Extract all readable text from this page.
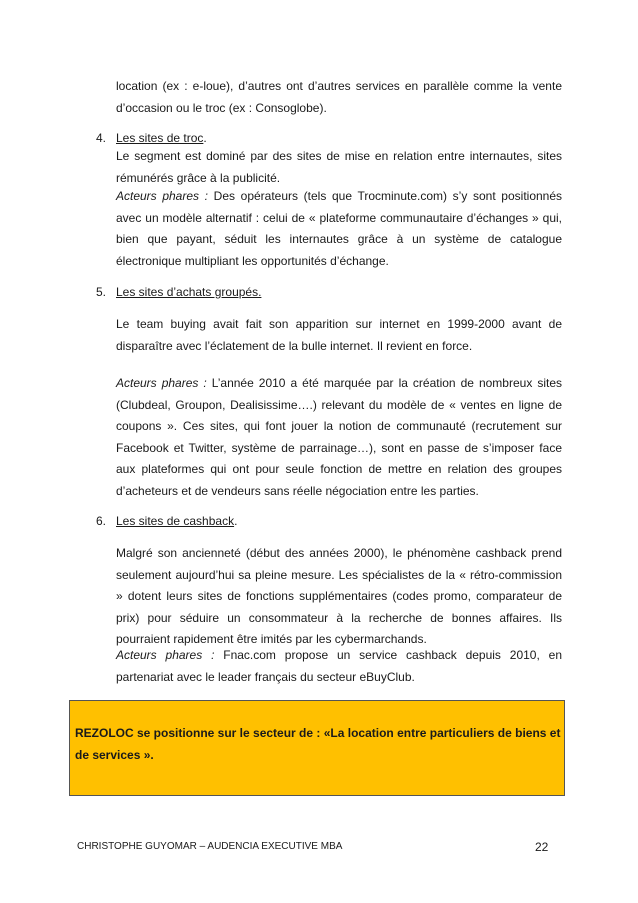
location (ex : e-loue), d’autres ont d’autres services en parallèle comme la vente d’occasion ou le troc (ex : Consoglobe).

4. Les sites de troc.

Le segment est dominé par des sites de mise en relation entre internautes, sites rémunérés grâce à la publicité.

Acteurs phares : Des opérateurs (tels que Trocminute.com) s’y sont positionnés avec un modèle alternatif : celui de « plateforme communautaire d’échanges » qui, bien que payant, séduit les internautes grâce à un système de catalogue électronique multipliant les opportunités d’échange.

5. Les sites d’achats groupés.

Le team buying avait fait son apparition sur internet en 1999-2000 avant de disparaître avec l’éclatement de la bulle internet. Il revient en force.

Acteurs phares : L’année 2010 a été marquée par la création de nombreux sites (Clubdeal, Groupon, Dealisissime….) relevant du modèle de « ventes en ligne de coupons ». Ces sites, qui font jouer la notion de communauté (recrutement sur Facebook et Twitter, système de parrainage…), sont en passe de s’imposer face aux plateformes qui ont pour seule fonction de mettre en relation des groupes d’acheteurs et de vendeurs sans réelle négociation entre les parties.

6. Les sites de cashback.

Malgré son ancienneté (début des années 2000), le phénomène cashback prend seulement aujourd’hui sa pleine mesure. Les spécialistes de la « rétro-commission » dotent leurs sites de fonctions supplémentaires (codes promo, comparateur de prix) pour séduire un consommateur à la recherche de bonnes affaires. Ils pourraient rapidement être imités par les cybermarchands.

Acteurs phares : Fnac.com propose un service cashback depuis 2010, en partenariat avec le leader français du secteur eBuyClub.

REZOLOC se positionne sur le secteur de : «La location entre particuliers de biens et de services ».

CHRISTOPHE GUYOMAR – AUDENCIA EXECUTIVE MBA	22
